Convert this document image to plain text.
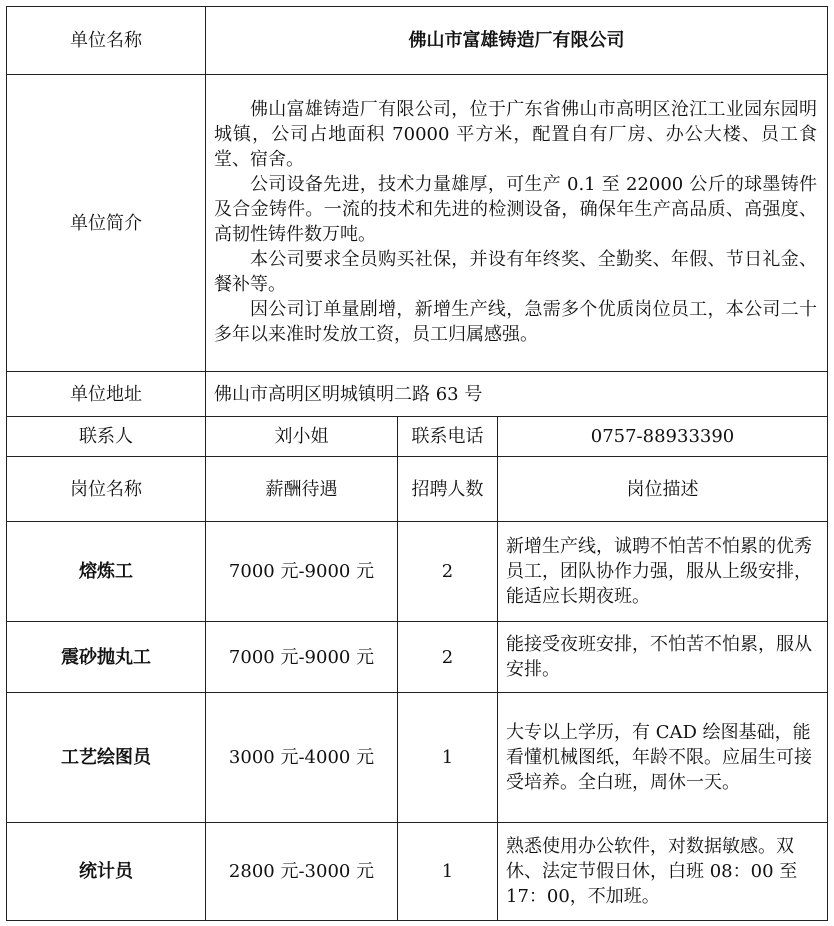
单位名称	佛山市富雄铸造厂有限公司		
单位简介	佛山富雄铸造厂有限公司，位于广东省佛山市高明区沧江工业园东园明城镇，公司占地面积 70000 平方米，配置自有厂房、办公大楼、员工食堂、宿舍。

公司设备先进，技术力量雄厚，可生产 0.1 至 22000 公斤的球墨铸件及合金铸件。一流的技术和先进的检测设备，确保年生产高品质、高强度、高韧性铸件数万吨。

本公司要求全员购买社保，并设有年终奖、全勤奖、年假、节日礼金、餐补等。

因公司订单量剧增，新增生产线，急需多个优质岗位员工，本公司二十多年以来准时发放工资，员工归属感强。		

单位地址	佛山市高明区明城镇明二路 63 号		
联系人	刘小姐	联系电话	0757-88933390
岗位名称	薪酬待遇	招聘人数	岗位描述
熔炼工	7000 元-9000 元	2	新增生产线，诚聘不怕苦不怕累的优秀员工，团队协作力强，服从上级安排，能适应长期夜班。
震砂抛丸工	7000 元-9000 元	2	能接受夜班安排，不怕苦不怕累，服从安排。
工艺绘图员	3000 元-4000 元	1	大专以上学历，有 CAD 绘图基础，能看懂机械图纸，年龄不限。应届生可接受培养。全白班，周休一天。
统计员	2800 元-3000 元	1	熟悉使用办公软件，对数据敏感。双休、法定节假日休，白班 08：00 至 17：00，不加班。
